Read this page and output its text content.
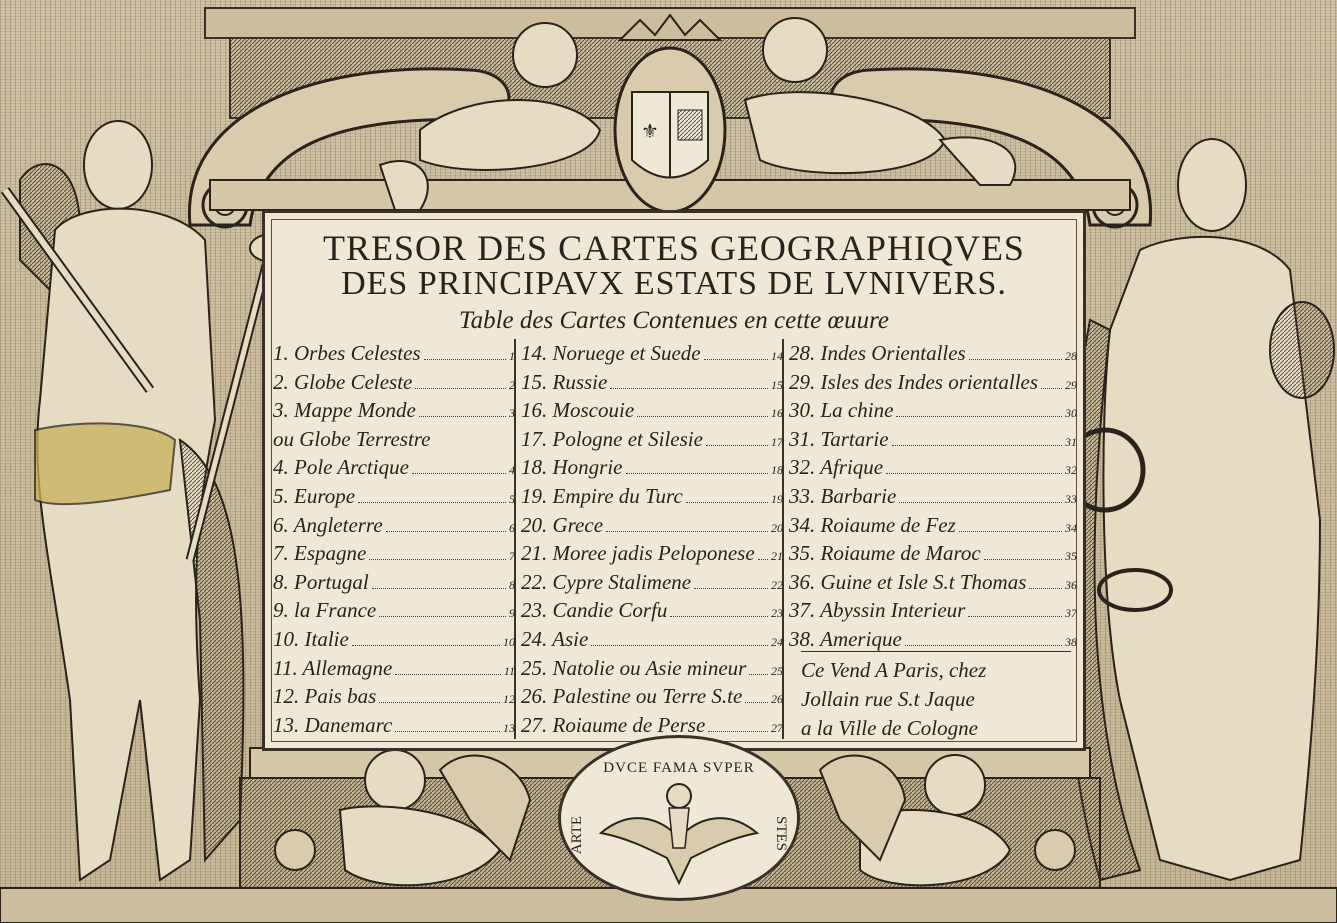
⚜
TRESOR DES CARTES GEOGRAPHIQVES
DES PRINCIPAVX ESTATS DE LVNIVERS.
Table des Cartes Contenues en cette œuure
1. Orbes Celestes	1
2. Globe Celeste	2
3. Mappe Monde	3
ou Globe Terrestre
4. Pole Arctique	4
5. Europe	5
6. Angleterre	6
7. Espagne	7
8. Portugal	8
9. la France	9
10. Italie	10
11. Allemagne	11
12. Pais bas	12
13. Danemarc	13
14. Noruege et Suede	14
15. Russie	15
16. Moscouie	16
17. Pologne et Silesie	17
18. Hongrie	18
19. Empire du Turc	19
20. Grece	20
21. Moree jadis Peloponese 21
22. Cypre Stalimene	22
23. Candie Corfu	23
24. Asie	24
25. Natolie ou Asie mineur 25
26. Palestine ou Terre S.te 26
27. Roiaume de Perse	27
28. Indes Orientalles	28
29. Isles des Indes orientalles 29
30. La chine	30
31. Tartarie	31
32. Afrique	32
33. Barbarie	33
34. Roiaume de Fez	34
35. Roiaume de Maroc	35
36. Guine et Isle S.t Thomas	36
37. Abyssin Interieur	37
38. Amerique	38
Ce Vend A Paris, chez
Jollain rue S.t Jaque
a la Ville de Cologne
DVCE FAMA SVPER
ARTE	STES
